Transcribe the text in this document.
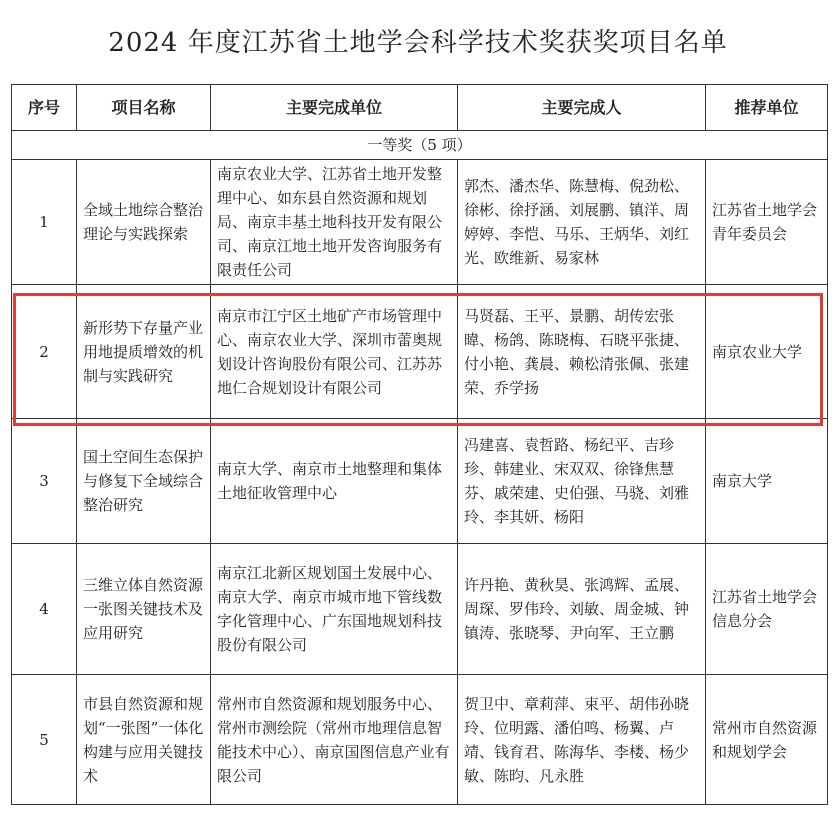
2024 年度江苏省土地学会科学技术奖获奖项目名单
序号	项目名称	主要完成单位	主要完成人	推荐单位
一等奖（5 项）				
1	全域土地综合整治理论与实践探索	南京农业大学、江苏省土地开发整理中心、如东县自然资源和规划局、南京丰基土地科技开发有限公司、南京江地土地开发咨询服务有限责任公司	郭杰、潘杰华、陈慧梅、倪劲松、徐彬、徐抒涵、刘展鹏、镇洋、周婷婷、李恺、马乐、王炳华、刘红光、欧维新、易家林	江苏省土地学会青年委员会
2	新形势下存量产业用地提质增效的机制与实践研究	南京市江宁区土地矿产市场管理中心、南京农业大学、深圳市蕾奥规划设计咨询股份有限公司、江苏苏地仁合规划设计有限公司	马贤磊、王平、景鹏、胡传宏张暐、杨鸽、陈晓梅、石晓平张捷、付小艳、龚晨、赖松清张佩、张建荣、乔学扬	南京农业大学
3	国土空间生态保护与修复下全域综合整治研究	南京大学、南京市土地整理和集体土地征收管理中心	冯建喜、袁哲路、杨纪平、吉珍珍、韩建业、宋双双、徐锋焦慧芬、戚荣建、史伯强、马骁、刘雅玲、李其妍、杨阳	南京大学
4	三维立体自然资源一张图关键技术及应用研究	南京江北新区规划国土发展中心、南京大学、南京市城市地下管线数字化管理中心、广东国地规划科技股份有限公司	许丹艳、黄秋昊、张鸿辉、孟展、周琛、罗伟玲、刘敏、周金城、钟镇涛、张晓琴、尹向军、王立鹏	江苏省土地学会信息分会
5	市县自然资源和规划“一张图”一体化构建与应用关键技术	常州市自然资源和规划服务中心、常州市测绘院（常州市地理信息智能技术中心）、南京国图信息产业有限公司	贺卫中、章莉萍、束平、胡伟孙晓玲、位明露、潘伯鸣、杨翼、卢靖、钱育君、陈海华、李楼、杨少敏、陈昀、凡永胜	常州市自然资源和规划学会
